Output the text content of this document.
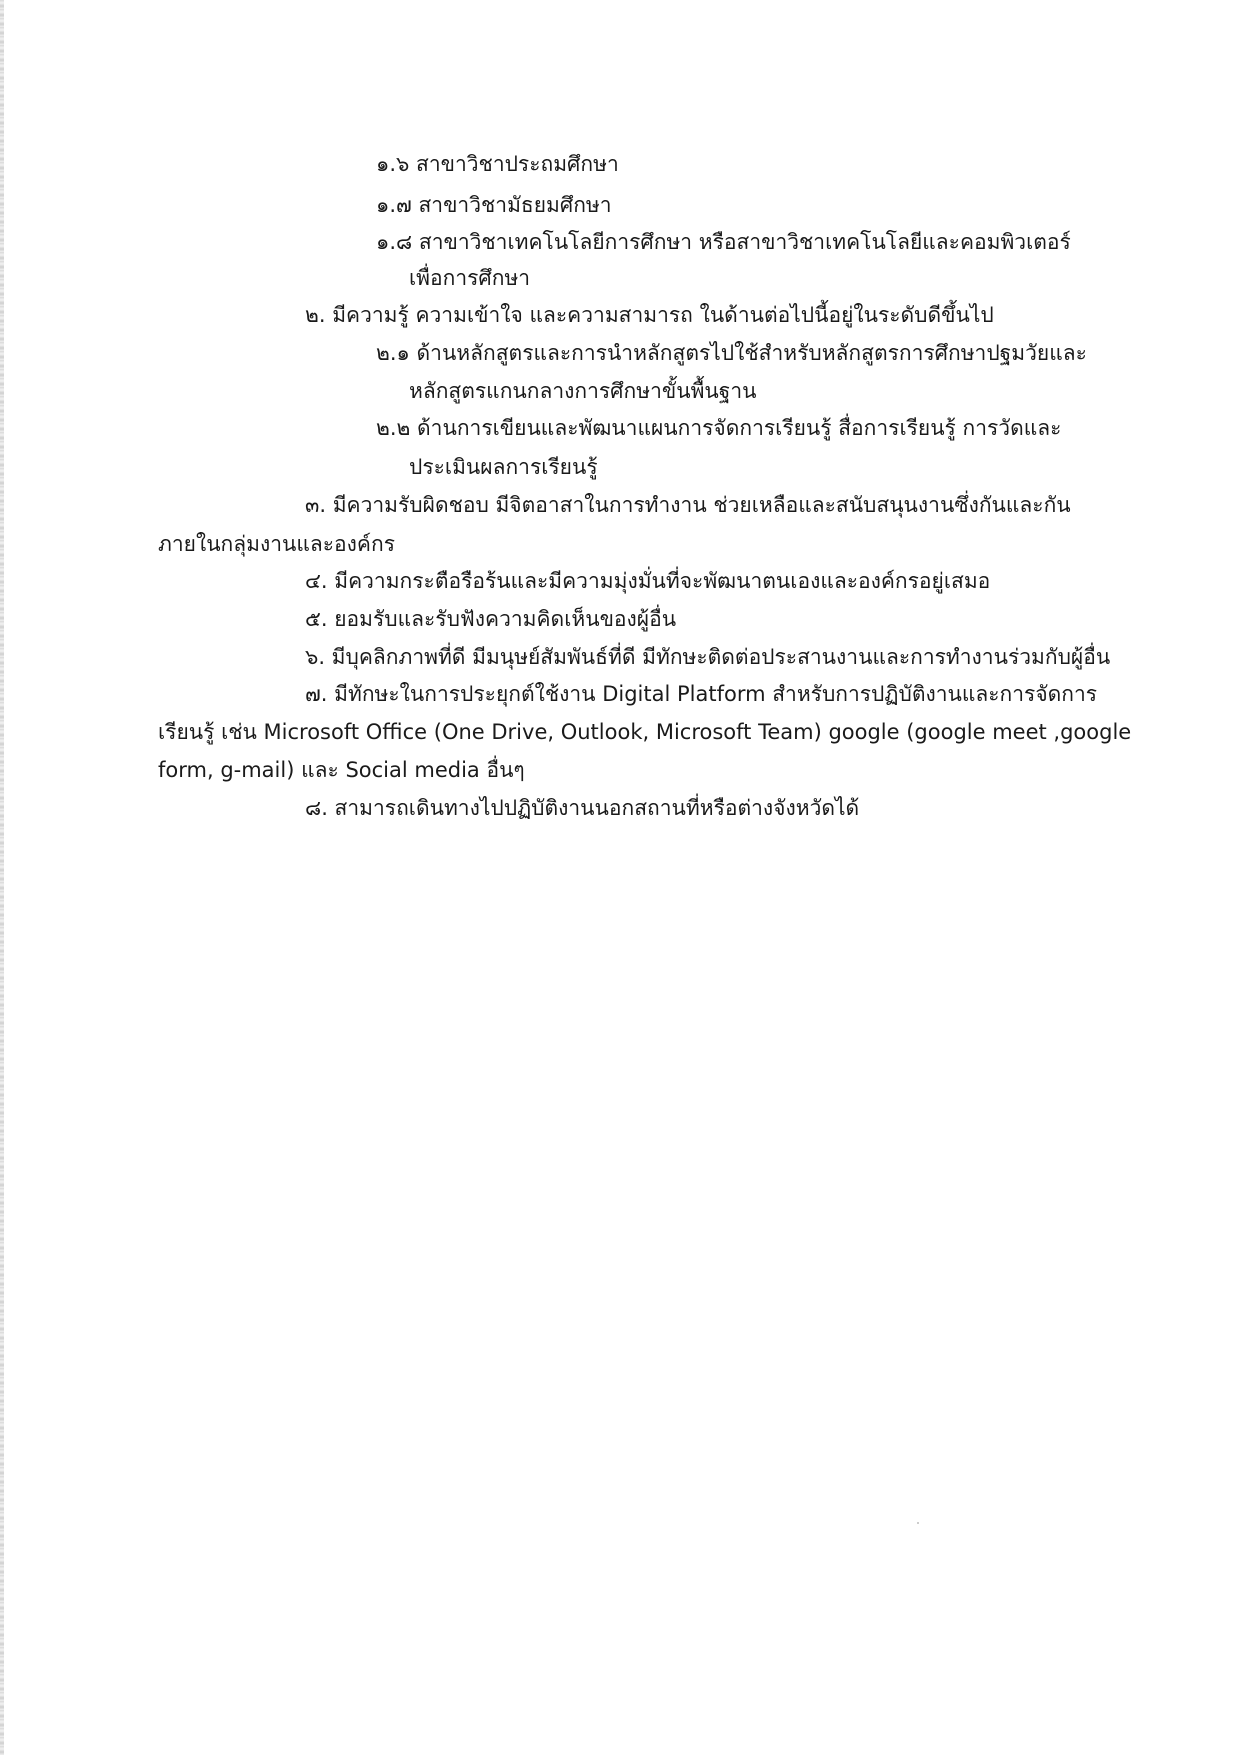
๑.๖ สาขาวิชาประถมศึกษา
๑.๗ สาขาวิชามัธยมศึกษา
๑.๘ สาขาวิชาเทคโนโลยีการศึกษา หรือสาขาวิชาเทคโนโลยีและคอมพิวเตอร์
เพื่อการศึกษา
๒. มีความรู้ ความเข้าใจ และความสามารถ ในด้านต่อไปนี้อยู่ในระดับดีขึ้นไป
๒.๑ ด้านหลักสูตรและการนำหลักสูตรไปใช้สำหรับหลักสูตรการศึกษาปฐมวัยและ
หลักสูตรแกนกลางการศึกษาขั้นพื้นฐาน
๒.๒ ด้านการเขียนและพัฒนาแผนการจัดการเรียนรู้ สื่อการเรียนรู้ การวัดและ
ประเมินผลการเรียนรู้
๓. มีความรับผิดชอบ มีจิตอาสาในการทำงาน ช่วยเหลือและสนับสนุนงานซึ่งกันและกัน
ภายในกลุ่มงานและองค์กร
๔. มีความกระตือรือร้นและมีความมุ่งมั่นที่จะพัฒนาตนเองและองค์กรอยู่เสมอ
๕. ยอมรับและรับฟังความคิดเห็นของผู้อื่น
๖. มีบุคลิกภาพที่ดี มีมนุษย์สัมพันธ์ที่ดี มีทักษะติดต่อประสานงานและการทำงานร่วมกับผู้อื่น
๗. มีทักษะในการประยุกต์ใช้งาน Digital Platform สำหรับการปฏิบัติงานและการจัดการ
เรียนรู้ เช่น Microsoft Office (One Drive, Outlook, Microsoft Team) google (google meet ,google
form, g-mail) และ Social media อื่นๆ
๘. สามารถเดินทางไปปฏิบัติงานนอกสถานที่หรือต่างจังหวัดได้
